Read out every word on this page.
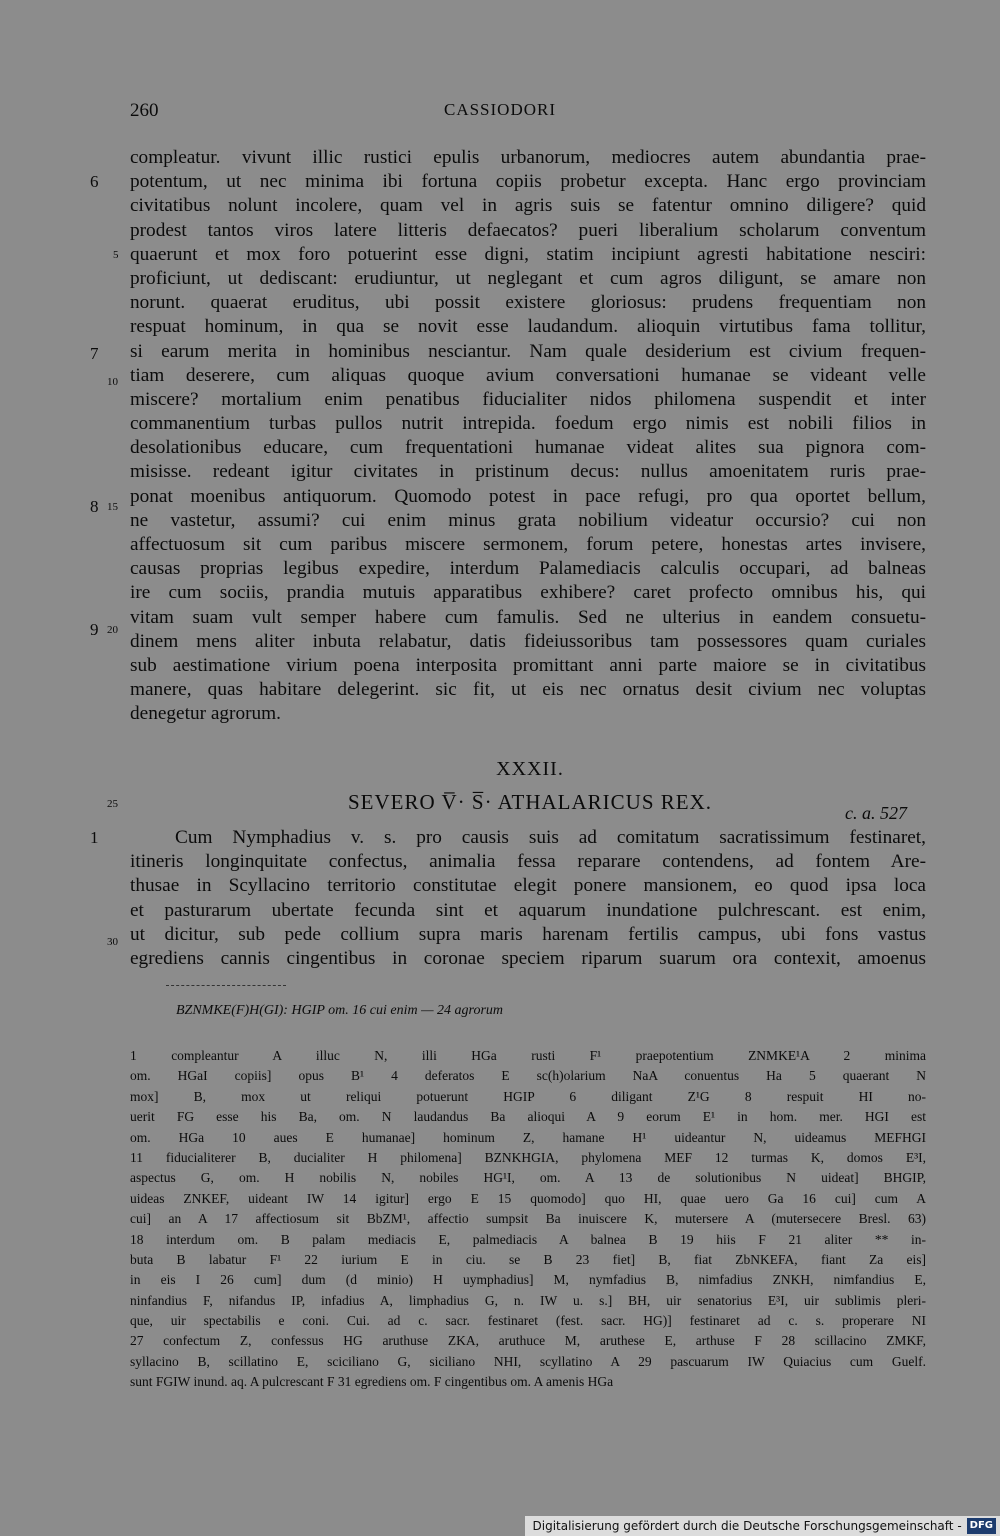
260	CASSIODORI
6
5
7
10
8 15
9 20
25
1
30
compleatur. vivunt illic rustici epulis urbanorum, mediocres autem abundantia prae-
potentum, ut nec minima ibi fortuna copiis probetur excepta. Hanc ergo provinciam
civitatibus nolunt incolere, quam vel in agris suis se fatentur omnino diligere? quid
prodest tantos viros latere litteris defaecatos? pueri liberalium scholarum conventum
quaerunt et mox foro potuerint esse digni, statim incipiunt agresti habitatione nesciri:
proficiunt, ut dediscant: erudiuntur, ut neglegant et cum agros diligunt, se amare non
norunt. quaerat eruditus, ubi possit existere gloriosus: prudens frequentiam non
respuat hominum, in qua se novit esse laudandum. alioquin virtutibus fama tollitur,
si earum merita in hominibus nesciantur. Nam quale desiderium est civium frequen-
tiam deserere, cum aliquas quoque avium conversationi humanae se videant velle
miscere? mortalium enim penatibus fiducialiter nidos philomena suspendit et inter
commanentium turbas pullos nutrit intrepida. foedum ergo nimis est nobili filios in
desolationibus educare, cum frequentationi humanae videat alites sua pignora com-
misisse. redeant igitur civitates in pristinum decus: nullus amoenitatem ruris prae-
ponat moenibus antiquorum. Quomodo potest in pace refugi, pro qua oportet bellum,
ne vastetur, assumi? cui enim minus grata nobilium videatur occursio? cui non
affectuosum sit cum paribus miscere sermonem, forum petere, honestas artes invisere,
causas proprias legibus expedire, interdum Palamediacis calculis occupari, ad balneas
ire cum sociis, prandia mutuis apparatibus exhibere? caret profecto omnibus his, qui
vitam suam vult semper habere cum famulis. Sed ne ulterius in eandem consuetu-
dinem mens aliter inbuta relabatur, datis fideiussoribus tam possessores quam curiales
sub aestimatione virium poena interposita promittant anni parte maiore se in civitatibus
manere, quas habitare delegerint. sic fit, ut eis nec ornatus desit civium nec voluptas
denegetur agrorum.
XXXII.
SEVERO V̅· S̅· ATHALARICUS REX.	c. a. 527
Cum Nymphadius v. s. pro causis suis ad comitatum sacratissimum festinaret,
itineris longinquitate confectus, animalia fessa reparare contendens, ad fontem Are-
thusae in Scyllacino territorio constitutae elegit ponere mansionem, eo quod ipsa loca
et pasturarum ubertate fecunda sint et aquarum inundatione pulchrescant. est enim,
ut dicitur, sub pede collium supra maris harenam fertilis campus, ubi fons vastus
egrediens cannis cingentibus in coronae speciem riparum suarum ora contexit, amoenus
BZNMKE(F)H(GI): HGIP om. 16 cui enim — 24 agrorum
1 compleantur A illuc N, illi HGa rusti F¹ praepotentium ZNMKE¹A 2 minima
om. HGaI copiis] opus B¹ 4 deferatos E sc(h)olarium NaA conuentus Ha 5 quaerant N
mox] B, mox ut reliqui potuerunt HGIP 6 diligant Z¹G 8 respuit HI no-
uerit FG esse his Ba, om. N laudandus Ba alioqui A 9 eorum E¹ in hom. mer. HGI est
om. HGa 10 aues E humanae] hominum Z, hamane H¹ uideantur N, uideamus MEFHGI
11 fiducialiterer B, ducialiter H philomena] BZNKHGIA, phylomena MEF 12 turmas K, domos E³I,
aspectus G, om. H nobilis N, nobiles HG¹I, om. A 13 de solutionibus N uideat] BHGIP,
uideas ZNKEF, uideant IW 14 igitur] ergo E 15 quomodo] quo HI, quae uero Ga 16 cui] cum A
cui] an A 17 affectiosum sit BbZM¹, affectio sumpsit Ba inuiscere K, mutersere A (mutersecere Bresl. 63)
18 interdum om. B palam mediacis E, palmediacis A balnea B 19 hiis F 21 aliter ** in-
buta B labatur F¹ 22 iurium E in ciu. se B 23 fiet] B, fiat ZbNKEFA, fiant Za eis]
in eis I 26 cum] dum (d minio) H uymphadius] M, nymfadius B, nimfadius ZNKH, nimfandius E,
ninfandius F, nifandus IP, infadius A, limphadius G, n. IW u. s.] BH, uir senatorius E³I, uir sublimis pleri-
que, uir spectabilis e coni. Cui. ad c. sacr. festinaret (fest. sacr. HG)] festinaret ad c. s. properare NI
27 confectum Z, confessus HG aruthuse ZKA, aruthuce M, aruthese E, arthuse F 28 scillacino ZMKF,
syllacino B, scillatino E, sciciliano G, siciliano NHI, scyllatino A 29 pascuarum IW Quiacius cum Guelf.
sunt FGIW inund. aq. A pulcrescant F 31 egrediens om. F cingentibus om. A amenis HGa
Digitalisierung gefördert durch die Deutsche Forschungsgemeinschaft - DFG
